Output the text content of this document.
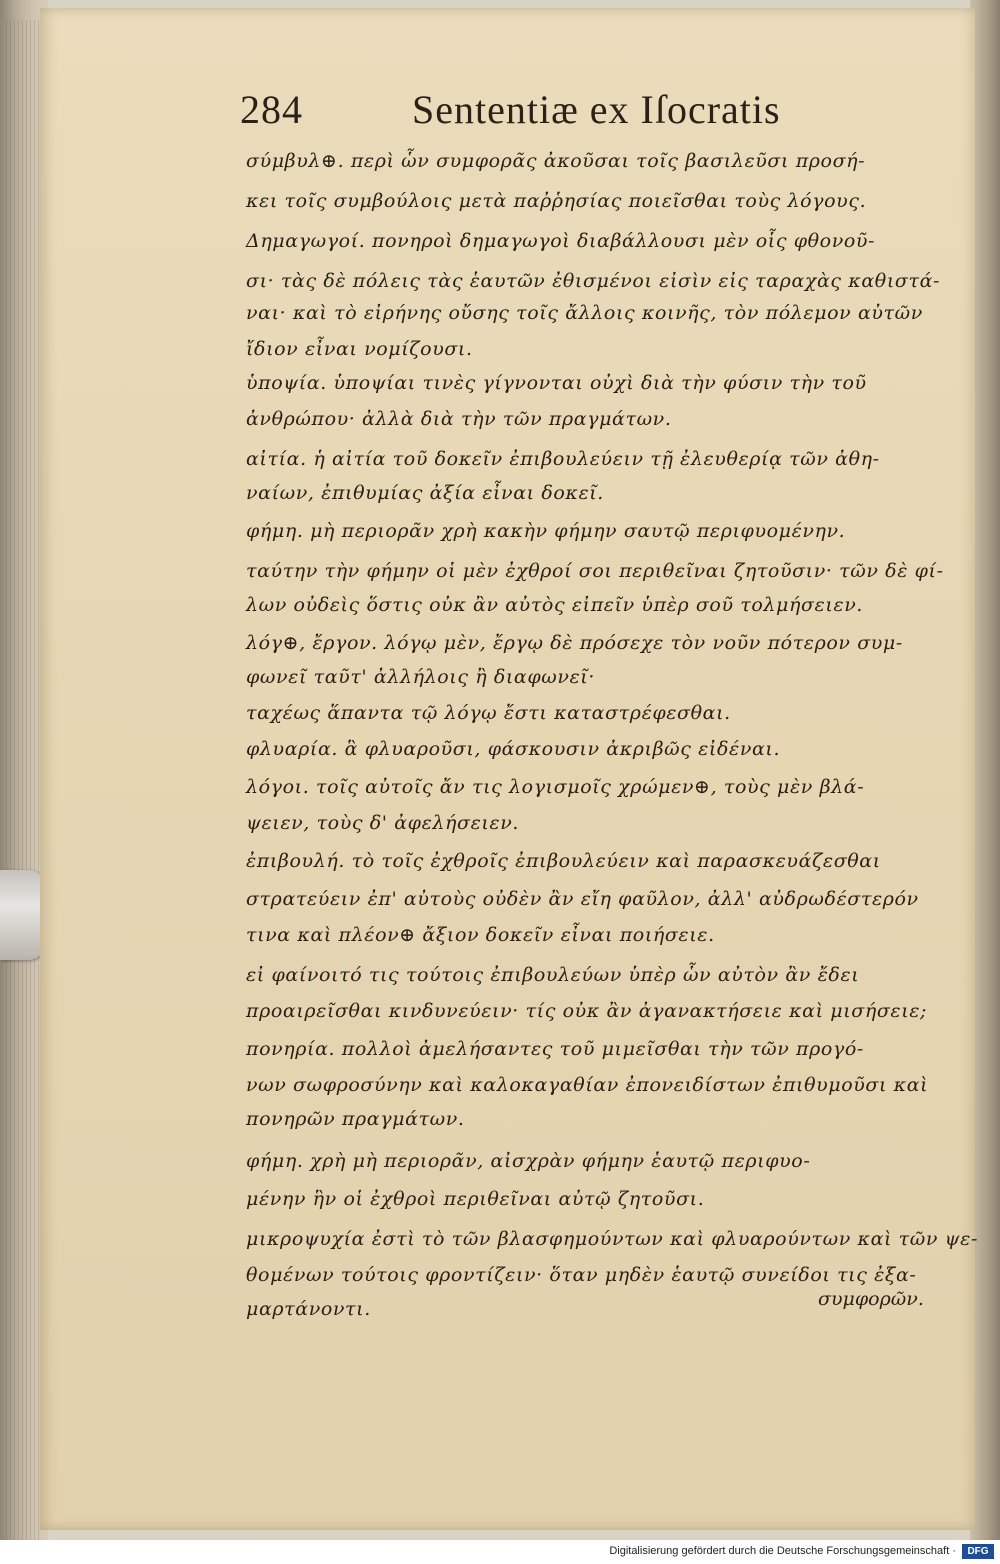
284	Sententiæ ex Iſocratis
σύμβυλ⊕. περὶ ὧν συμφορᾶς ἀκοῦσαι τοῖς βασιλεῦσι προσή-
κει τοῖς συμβούλοις μετὰ παῤῥησίας ποιεῖσθαι τοὺς λόγους.
Δημαγωγοί. πονηροὶ δημαγωγοὶ διαβάλλουσι μὲν οἷς φθονοῦ-
σι· τὰς δὲ πόλεις τὰς ἑαυτῶν ἐθισμένοι εἰσὶν εἰς ταραχὰς καθιστά-
ναι· καὶ τὸ εἰρήνης οὔσης τοῖς ἄλλοις κοινῆς, τὸν πόλεμον αὐτῶν
ἴδιον εἶναι νομίζουσι.
ὑποψία. ὑποψίαι τινὲς γίγνονται οὐχὶ διὰ τὴν φύσιν τὴν τοῦ
ἀνθρώπου· ἀλλὰ διὰ τὴν τῶν πραγμάτων.
αἰτία. ἡ αἰτία τοῦ δοκεῖν ἐπιβουλεύειν τῇ ἐλευθερίᾳ τῶν ἀθη-
ναίων, ἐπιθυμίας ἀξία εἶναι δοκεῖ.
φήμη. μὴ περιορᾶν χρὴ κακὴν φήμην σαυτῷ περιφυομένην.
ταύτην τὴν φήμην οἱ μὲν ἐχθροί σοι περιθεῖναι ζητοῦσιν· τῶν δὲ φί-
λων οὐδεὶς ὅστις οὐκ ἂν αὐτὸς εἰπεῖν ὑπὲρ σοῦ τολμήσειεν.
λόγ⊕, ἔργον. λόγῳ μὲν, ἔργῳ δὲ πρόσεχε τὸν νοῦν πότερον συμ-
φωνεῖ ταῦτ' ἀλλήλοις ἢ διαφωνεῖ·
ταχέως ἅπαντα τῷ λόγῳ ἔστι καταστρέφεσθαι.
φλυαρία. ἃ φλυαροῦσι, φάσκουσιν ἀκριβῶς εἰδέναι.
λόγοι. τοῖς αὐτοῖς ἄν τις λογισμοῖς χρώμεν⊕, τοὺς μὲν βλά-
ψειεν, τοὺς δ' ἀφελήσειεν.
ἐπιβουλή. τὸ τοῖς ἐχθροῖς ἐπιβουλεύειν καὶ παρασκευάζεσθαι
στρατεύειν ἐπ' αὐτοὺς οὐδὲν ἂν εἴη φαῦλον, ἀλλ' αὐδρωδέστερόν
τινα καὶ πλέον⊕ ἄξιον δοκεῖν εἶναι ποιήσειε.
εἰ φαίνοιτό τις τούτοις ἐπιβουλεύων ὑπὲρ ὧν αὐτὸν ἂν ἔδει
προαιρεῖσθαι κινδυνεύειν· τίς οὐκ ἂν ἀγανακτήσειε καὶ μισήσειε;
πονηρία. πολλοὶ ἀμελήσαντες τοῦ μιμεῖσθαι τὴν τῶν προγό-
νων σωφροσύνην καὶ καλοκαγαθίαν ἐπονειδίστων ἐπιθυμοῦσι καὶ
πονηρῶν πραγμάτων.
φήμη. χρὴ μὴ περιορᾶν, αἰσχρὰν φήμην ἑαυτῷ περιφυο-
μένην ἣν οἱ ἐχθροὶ περιθεῖναι αὐτῷ ζητοῦσι.
μικροψυχία ἐστὶ τὸ τῶν βλασφημούντων καὶ φλυαρούντων καὶ τῶν ψε-
θομένων τούτοις φροντίζειν· ὅταν μηδὲν ἑαυτῷ συνείδοι τις ἐξα-
μαρτάνοντι.	συμφορῶν.
Digitalisierung gefördert durch die Deutsche Forschungsgemeinschaft ·	DFG
